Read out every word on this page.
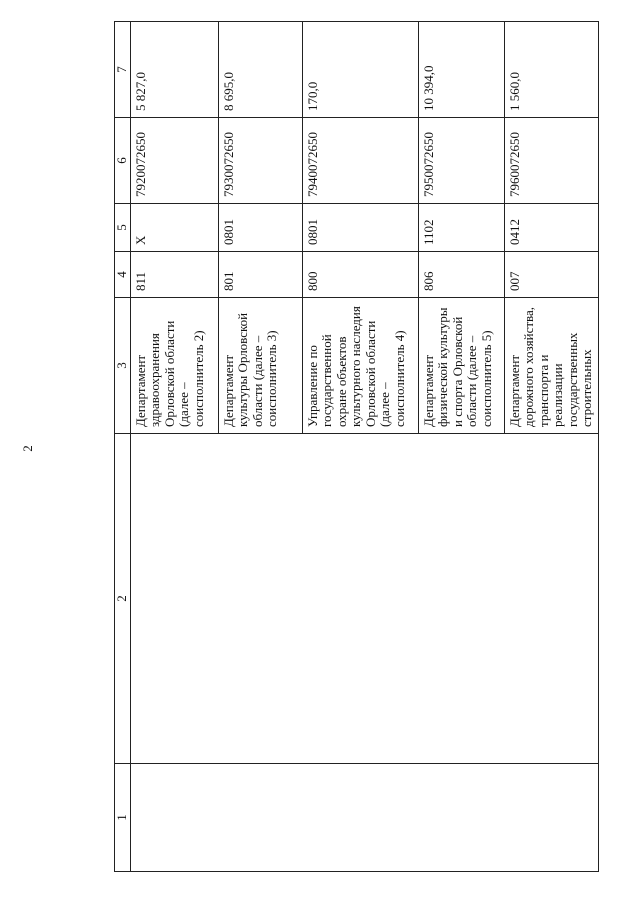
2
1	2	3	4	5	6	7
		Департамент здравоохранения Орловской области (далее – соисполнитель 2)	811	Х	7920072650	5 827,0
		Департамент культуры Орловской области (далее – соисполнитель 3)	801	0801	7930072650	8 695,0
		Управление по государственной охране объектов культурного наследия Орловской области (далее – соисполнитель 4)	800	0801	7940072650	170,0
		Департамент физической культуры и спорта Орловской области (далее – соисполнитель 5)	806	1102	7950072650	10 394,0
		Департамент дорожного хозяйства, транспорта и реализации государственных строительных	007	0412	7960072650	1 560,0
